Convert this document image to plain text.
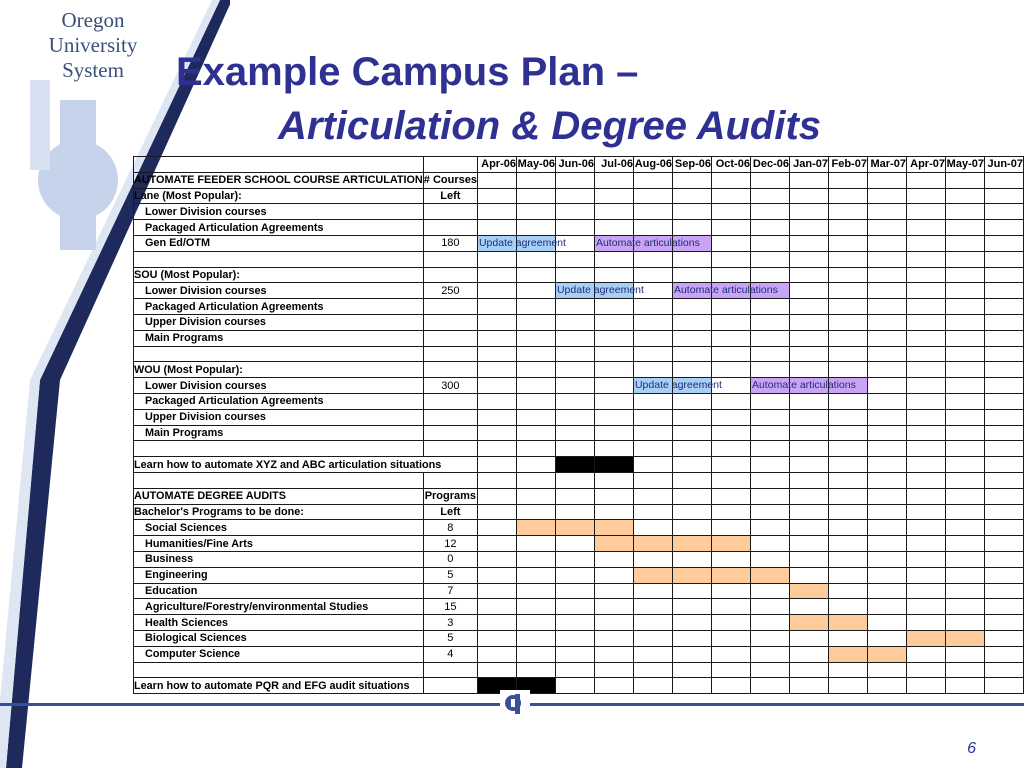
Oregon
University
System	Example Campus Plan –
Articulation & Degree Audits
		Apr-06	May-06	Jun-06	Jul-06	Aug-06	Sep-06	Oct-06	Dec-06	Jan-07	Feb-07	Mar-07	Apr-07	May-07	Jun-07
AUTOMATE FEEDER SCHOOL COURSE ARTICULATION	# Courses														
Lane (Most Popular):	Left														
Lower Division courses															
Packaged Articulation Agreements															
Gen Ed/OTM	180	Update agreement			Automate articulations										

SOU (Most Popular):															
Lower Division courses	250			Update agreement			Automate articulations								

Packaged Articulation Agreements															
Upper Division courses															
Main Programs															

WOU (Most Popular):															
Lower Division courses	300					Update agreement			Automate articulations						

Packaged Articulation Agreements															
Upper Division courses															
Main Programs															

Learn how to automate XYZ and ABC articulation situations															

AUTOMATE DEGREE AUDITS	Programs														
Bachelor's Programs to be done:	Left														
Social Sciences	8														
Humanities/Fine Arts	12														
Business	0														
Engineering	5														
Education	7														
Agriculture/Forestry/environmental Studies	15														
Health Sciences	3														
Biological Sciences	5														
Computer Science	4														

Learn how to automate PQR and EFG audit situations															
6
